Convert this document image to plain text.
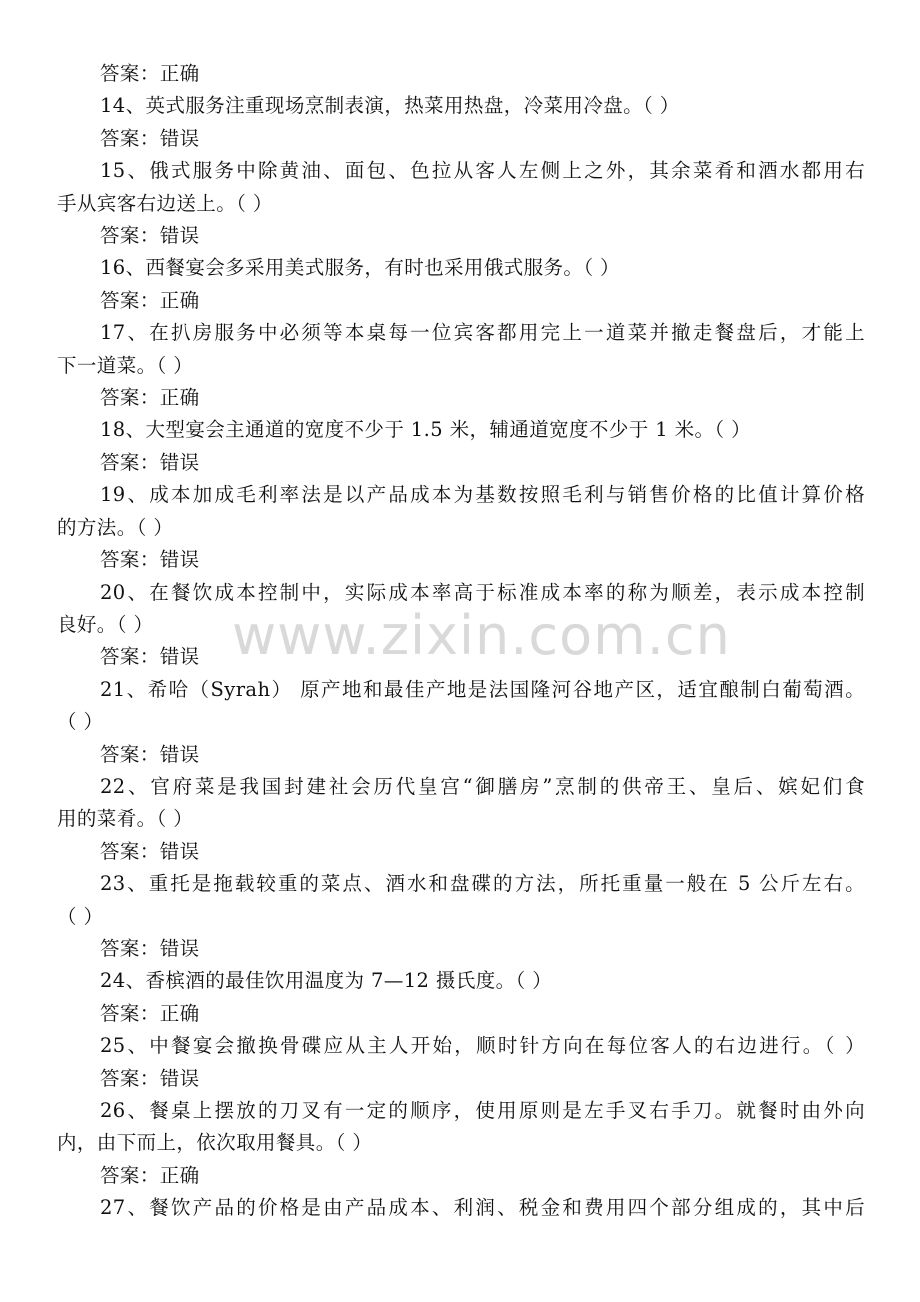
答案：正确
14、英式服务注重现场烹制表演，热菜用热盘，冷菜用冷盘。（ ）
答案：错误
15、俄式服务中除黄油、面包、色拉从客人左侧上之外，其余菜肴和酒水都用右
手从宾客右边送上。（ ）
答案：错误
16、西餐宴会多采用美式服务，有时也采用俄式服务。（ ）
答案：正确
17、在扒房服务中必须等本桌每一位宾客都用完上一道菜并撤走餐盘后，才能上
下一道菜。（ ）
答案：正确
18、大型宴会主通道的宽度不少于 1.5 米，辅通道宽度不少于 1 米。（ ）
答案：错误
19、成本加成毛利率法是以产品成本为基数按照毛利与销售价格的比值计算价格
的方法。（ ）
答案：错误
20、在餐饮成本控制中，实际成本率高于标准成本率的称为顺差，表示成本控制
良好。（ ）
答案：错误
21、希哈（Syrah） 原产地和最佳产地是法国隆河谷地产区，适宜酿制白葡萄酒。
（ ）
答案：错误
22、官府菜是我国封建社会历代皇宫“御膳房”烹制的供帝王、皇后、嫔妃们食
用的菜肴。（ ）
答案：错误
23、重托是拖载较重的菜点、酒水和盘碟的方法，所托重量一般在 5 公斤左右。
（ ）
答案：错误
24、香槟酒的最佳饮用温度为 7—12 摄氏度。（ ）
答案：正确
25、中餐宴会撤换骨碟应从主人开始，顺时针方向在每位客人的右边进行。（ ）
答案：错误
26、餐桌上摆放的刀叉有一定的顺序，使用原则是左手叉右手刀。就餐时由外向
内，由下而上，依次取用餐具。（ ）
答案：正确
27、餐饮产品的价格是由产品成本、利润、税金和费用四个部分组成的，其中后
www.zixin.com.cn
